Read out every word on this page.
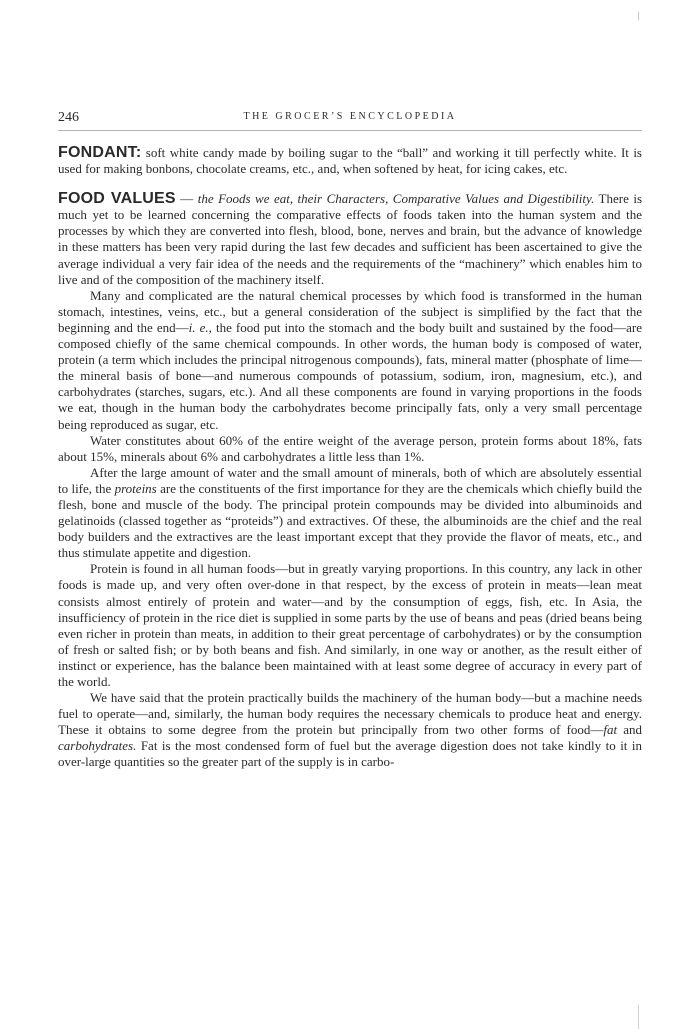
246	THE GROCER’S ENCYCLOPEDIA

FONDANT: soft white candy made by boiling sugar to the “ball” and working it till perfectly white. It is used for making bonbons, chocolate creams, etc., and, when softened by heat, for icing cakes, etc.

FOOD VALUES — the Foods we eat, their Characters, Comparative Values and Digestibility. There is much yet to be learned concerning the comparative effects of foods taken into the human system and the processes by which they are converted into flesh, blood, bone, nerves and brain, but the advance of knowledge in these matters has been very rapid during the last few decades and sufficient has been ascertained to give the average individual a very fair idea of the needs and the requirements of the “machinery” which enables him to live and of the composition of the machinery itself.

Many and complicated are the natural chemical processes by which food is transformed in the human stomach, intestines, veins, etc., but a general consideration of the subject is simplified by the fact that the beginning and the end—i. e., the food put into the stomach and the body built and sustained by the food—are composed chiefly of the same chemical compounds. In other words, the human body is composed of water, protein (a term which includes the principal nitrogenous compounds), fats, mineral matter (phosphate of lime—the mineral basis of bone—and numerous compounds of potassium, sodium, iron, magnesium, etc.), and carbohydrates (starches, sugars, etc.). And all these components are found in varying proportions in the foods we eat, though in the human body the carbohydrates become principally fats, only a very small percentage being reproduced as sugar, etc.

Water constitutes about 60% of the entire weight of the average person, protein forms about 18%, fats about 15%, minerals about 6% and carbohydrates a little less than 1%.

After the large amount of water and the small amount of minerals, both of which are absolutely essential to life, the proteins are the constituents of the first importance for they are the chemicals which chiefly build the flesh, bone and muscle of the body. The principal protein compounds may be divided into albuminoids and gelatinoids (classed together as “proteids”) and extractives. Of these, the albuminoids are the chief and the real body builders and the extractives are the least important except that they provide the flavor of meats, etc., and thus stimulate appetite and digestion.

Protein is found in all human foods—but in greatly varying proportions. In this country, any lack in other foods is made up, and very often over-done in that respect, by the excess of protein in meats—lean meat consists almost entirely of protein and water—and by the consumption of eggs, fish, etc. In Asia, the insufficiency of protein in the rice diet is supplied in some parts by the use of beans and peas (dried beans being even richer in protein than meats, in addition to their great percentage of carbohydrates) or by the consumption of fresh or salted fish; or by both beans and fish. And similarly, in one way or another, as the result either of instinct or experience, has the balance been maintained with at least some degree of accuracy in every part of the world.

We have said that the protein practically builds the machinery of the human body—but a machine needs fuel to operate—and, similarly, the human body requires the necessary chemicals to produce heat and energy. These it obtains to some degree from the protein but principally from two other forms of food—fat and carbohydrates. Fat is the most condensed form of fuel but the average digestion does not take kindly to it in over-large quantities so the greater part of the supply is in carbo-
